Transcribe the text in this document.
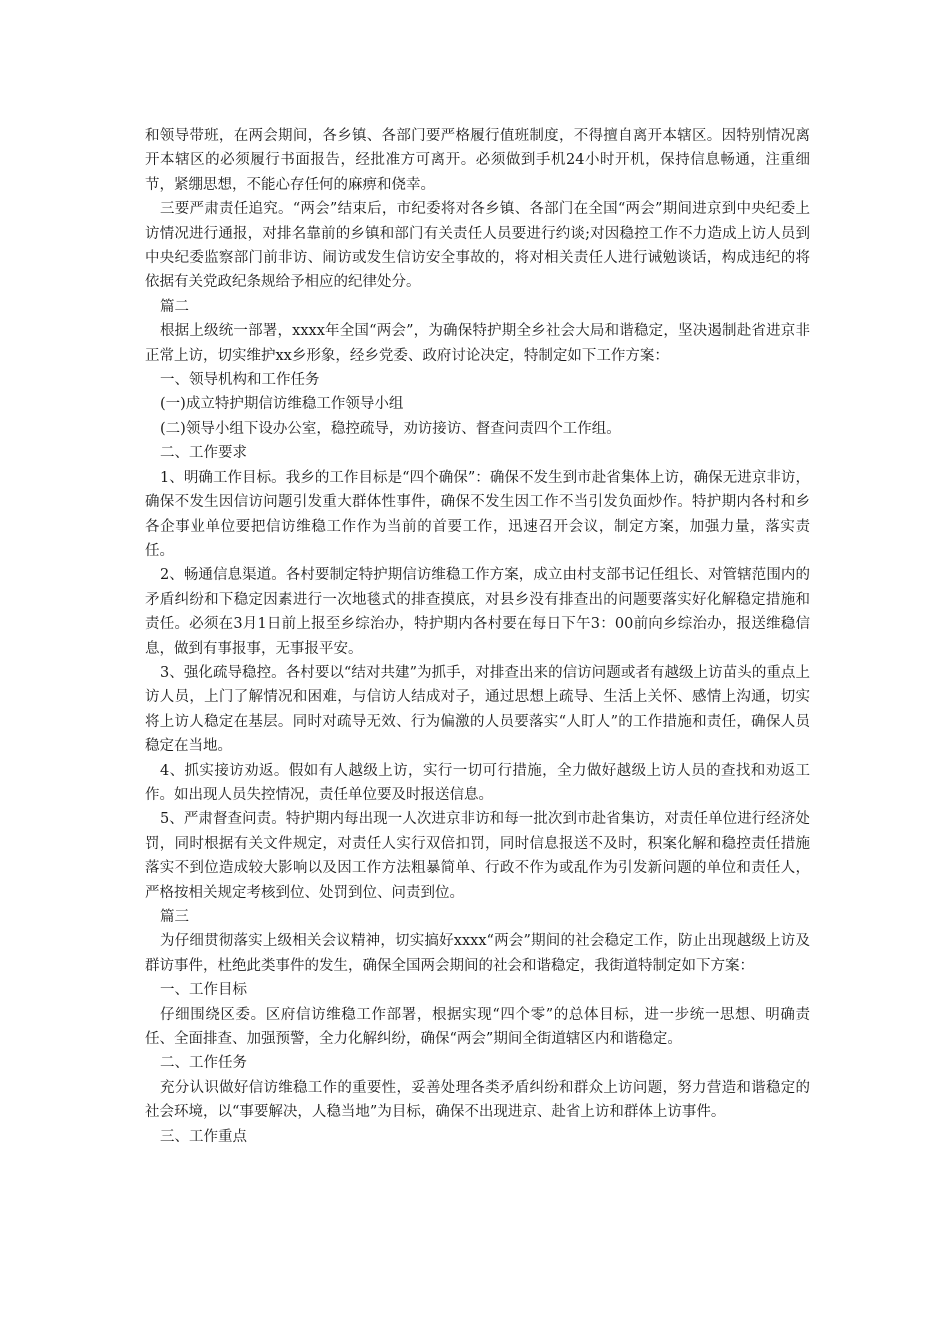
和领导带班，在两会期间，各乡镇、各部门要严格履行值班制度，不得擅自离开本辖区。因特别情况离开本辖区的必须履行书面报告，经批准方可离开。必须做到手机24小时开机，保持信息畅通，注重细节，紧绷思想，不能心存任何的麻痹和侥幸。

三要严肃责任追究。“两会”结束后，市纪委将对各乡镇、各部门在全国“两会”期间进京到中央纪委上访情况进行通报，对排名靠前的乡镇和部门有关责任人员要进行约谈;对因稳控工作不力造成上访人员到中央纪委监察部门前非访、闹访或发生信访安全事故的，将对相关责任人进行诫勉谈话，构成违纪的将依据有关党政纪条规给予相应的纪律处分。

篇二

根据上级统一部署，xxxx年全国“两会”，为确保特护期全乡社会大局和谐稳定，坚决遏制赴省进京非正常上访，切实维护xx乡形象，经乡党委、政府讨论决定，特制定如下工作方案：

一、领导机构和工作任务

(一)成立特护期信访维稳工作领导小组

(二)领导小组下设办公室，稳控疏导，劝访接访、督查问责四个工作组。

二、工作要求

1、明确工作目标。我乡的工作目标是“四个确保”：确保不发生到市赴省集体上访，确保无进京非访，确保不发生因信访问题引发重大群体性事件，确保不发生因工作不当引发负面炒作。特护期内各村和乡各企事业单位要把信访维稳工作作为当前的首要工作，迅速召开会议，制定方案，加强力量，落实责任。

2、畅通信息渠道。各村要制定特护期信访维稳工作方案，成立由村支部书记任组长、对管辖范围内的矛盾纠纷和下稳定因素进行一次地毯式的排查摸底，对县乡没有排查出的问题要落实好化解稳定措施和责任。必须在3月1日前上报至乡综治办，特护期内各村要在每日下午3：00前向乡综治办，报送维稳信息，做到有事报事，无事报平安。

3、强化疏导稳控。各村要以“结对共建”为抓手，对排查出来的信访问题或者有越级上访苗头的重点上访人员，上门了解情况和困难，与信访人结成对子，通过思想上疏导、生活上关怀、感情上沟通，切实将上访人稳定在基层。同时对疏导无效、行为偏激的人员要落实“人盯人”的工作措施和责任，确保人员稳定在当地。

4、抓实接访劝返。假如有人越级上访，实行一切可行措施，全力做好越级上访人员的查找和劝返工作。如出现人员失控情况，责任单位要及时报送信息。

5、严肃督查问责。特护期内每出现一人次进京非访和每一批次到市赴省集访，对责任单位进行经济处罚，同时根据有关文件规定，对责任人实行双倍扣罚，同时信息报送不及时，积案化解和稳控责任措施落实不到位造成较大影响以及因工作方法粗暴简单、行政不作为或乱作为引发新问题的单位和责任人，严格按相关规定考核到位、处罚到位、问责到位。

篇三

为仔细贯彻落实上级相关会议精神，切实搞好xxxx“两会”期间的社会稳定工作，防止出现越级上访及群访事件，杜绝此类事件的发生，确保全国两会期间的社会和谐稳定，我街道特制定如下方案：

一、工作目标

仔细围绕区委。区府信访维稳工作部署，根据实现“四个零”的总体目标，进一步统一思想、明确责任、全面排查、加强预警，全力化解纠纷，确保“两会”期间全街道辖区内和谐稳定。

二、工作任务

充分认识做好信访维稳工作的重要性，妥善处理各类矛盾纠纷和群众上访问题，努力营造和谐稳定的社会环境，以“事要解决，人稳当地”为目标，确保不出现进京、赴省上访和群体上访事件。

三、工作重点
